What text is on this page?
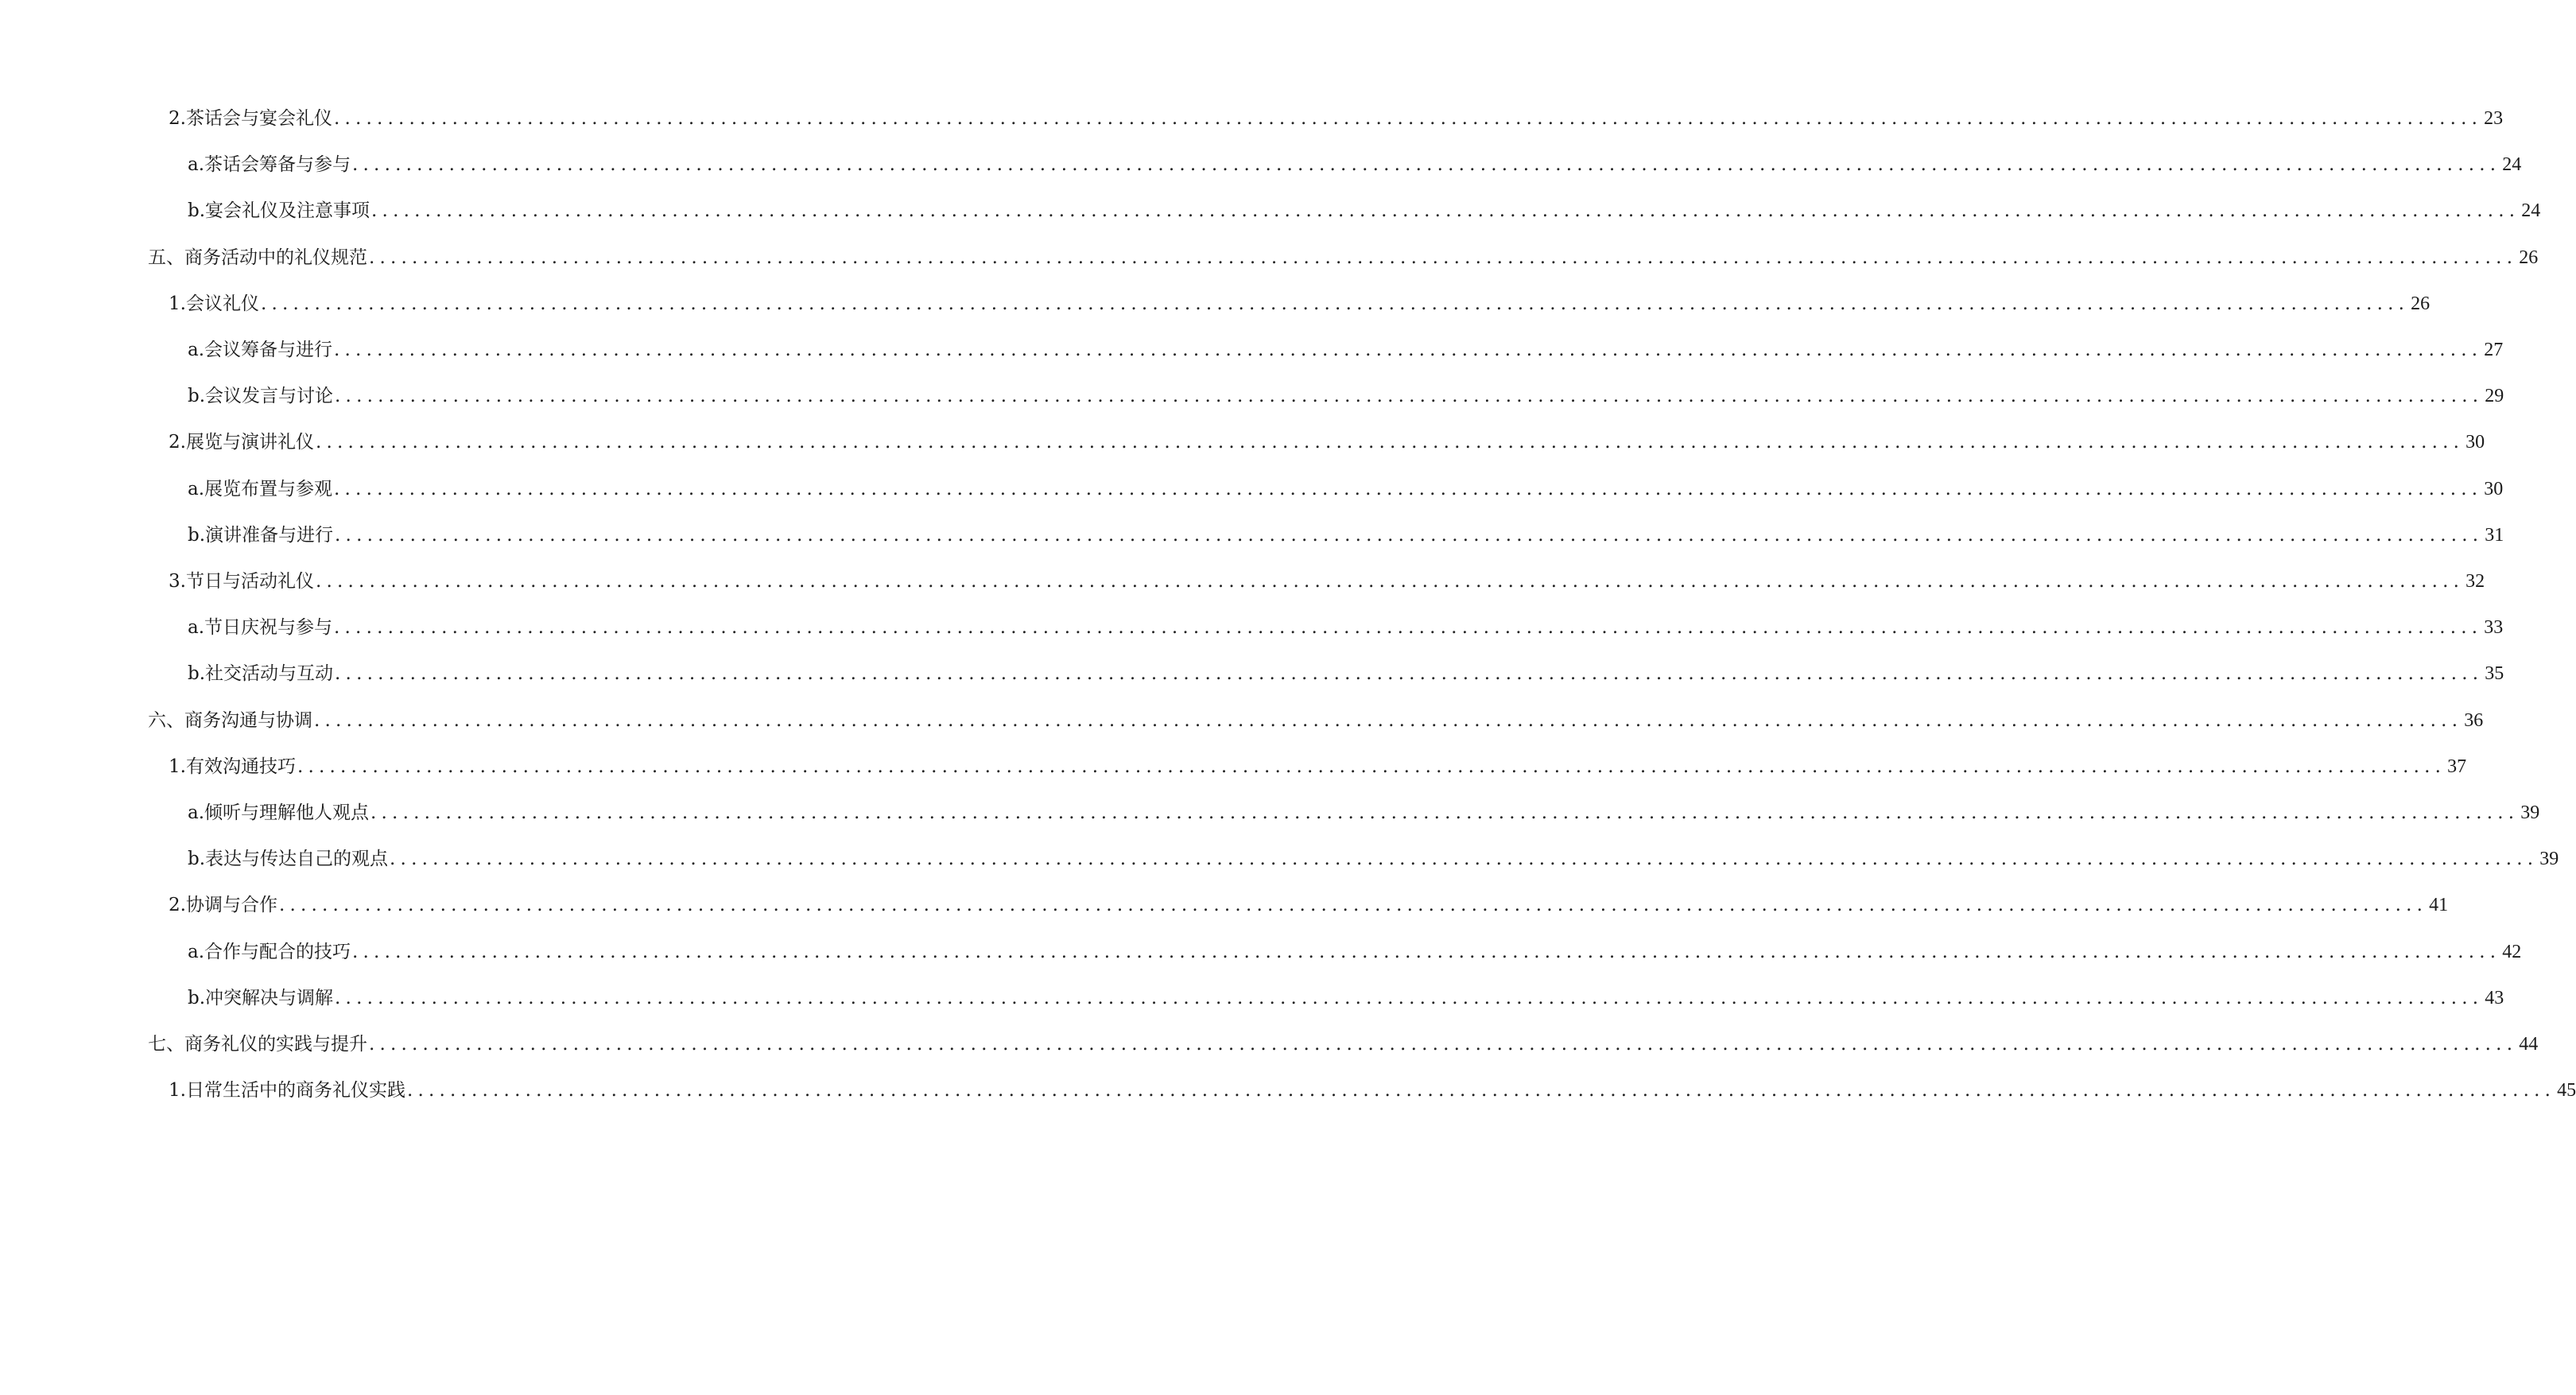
2. 茶话会与宴会礼仪 ........................................................................................................................................................................................................ 23
a. 茶话会筹备与参与 ........................................................................................................................................................................................................ 24
b. 宴会礼仪及注意事项 ........................................................................................................................................................................................................ 24
五、商务活动中的礼仪规范 ........................................................................................................................................................................................................ 26
1. 会议礼仪 ........................................................................................................................................................................................................ 26
a. 会议筹备与进行 ........................................................................................................................................................................................................ 27
b. 会议发言与讨论 ........................................................................................................................................................................................................ 29
2. 展览与演讲礼仪 ........................................................................................................................................................................................................ 30
a. 展览布置与参观 ........................................................................................................................................................................................................ 30
b. 演讲准备与进行 ........................................................................................................................................................................................................ 31
3. 节日与活动礼仪 ........................................................................................................................................................................................................ 32
a. 节日庆祝与参与 ........................................................................................................................................................................................................ 33
b. 社交活动与互动 ........................................................................................................................................................................................................ 35
六、商务沟通与协调 ........................................................................................................................................................................................................ 36
1. 有效沟通技巧 ........................................................................................................................................................................................................ 37
a. 倾听与理解他人观点 ........................................................................................................................................................................................................ 39
b. 表达与传达自己的观点 ........................................................................................................................................................................................................ 39
2. 协调与合作 ........................................................................................................................................................................................................ 41
a. 合作与配合的技巧 ........................................................................................................................................................................................................ 42
b. 冲突解决与调解 ........................................................................................................................................................................................................ 43
七、商务礼仪的实践与提升 ........................................................................................................................................................................................................ 44
1. 日常生活中的商务礼仪实践 ........................................................................................................................................................................................................ 45
